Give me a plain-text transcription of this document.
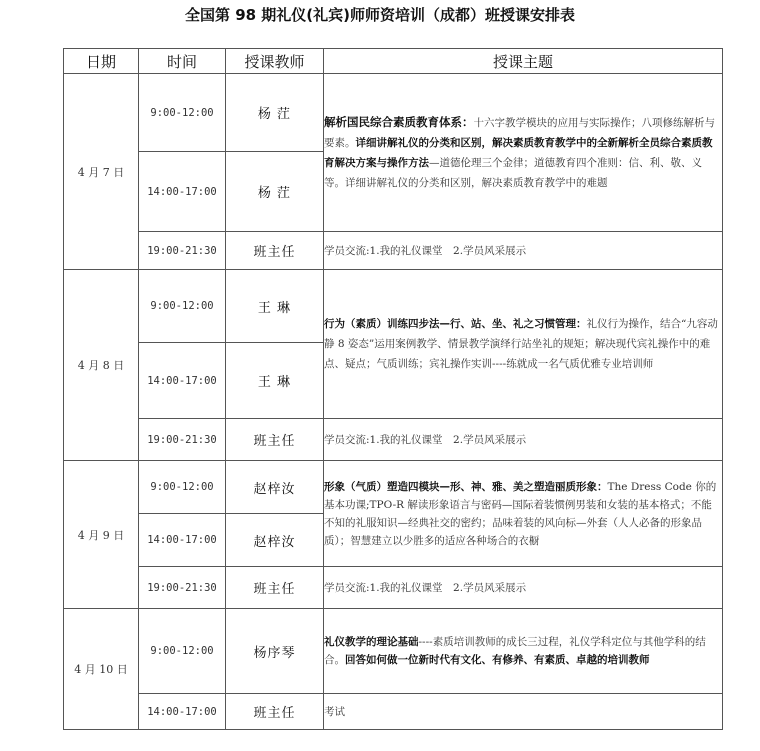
全国第 98 期礼仪(礼宾)师师资培训（成都）班授课安排表
日期	时间	授课教师	授课主题
4 月 7 日	9:00-12:00	杨 茳	解析国民综合素质教育体系：十六字教学模块的应用与实际操作；八项修练解析与要素。详细讲解礼仪的分类和区别，解决素质教育教学中的全新解析全员综合素质教育解决方案与操作方法—道德伦理三个金律；道德教育四个准则：信、利、敬、义等。详细讲解礼仪的分类和区别，解决素质教育教学中的难题
	14:00-17:00	杨 茳	
	19:00-21:30	班主任	学员交流:1.我的礼仪课堂　2.学员风采展示
4 月 8 日	9:00-12:00	王 琳	行为（素质）训练四步法—行、站、坐、礼之习惯管理：礼仪行为操作，结合“九容动静 8 姿态”运用案例教学、情景教学演绎行站坐礼的规矩；解决现代宾礼操作中的难点、疑点；气质训练；宾礼操作实训----练就成一名气质优雅专业培训师
	14:00-17:00	王 琳	
	19:00-21:30	班主任	学员交流:1.我的礼仪课堂　2.学员风采展示
4 月 9 日	9:00-12:00	赵梓汝	形象（气质）塑造四模块—形、神、雅、美之塑造丽质形象：The Dress Code 你的基本功课;TPO-R 解读形象语言与密码—国际着装惯例男装和女装的基本格式；不能不知的礼服知识—经典社交的密约；品味着装的风向标—外套（人人必备的形象品质）；智慧建立以少胜多的适应各种场合的衣橱
	14:00-17:00	赵梓汝	
	19:00-21:30	班主任	学员交流:1.我的礼仪课堂　2.学员风采展示
4 月 10 日	9:00-12:00	杨序琴	礼仪教学的理论基础----素质培训教师的成长三过程，礼仪学科定位与其他学科的结合。回答如何做一位新时代有文化、有修养、有素质、卓越的培训教师
	14:00-17:00	班主任	考试
